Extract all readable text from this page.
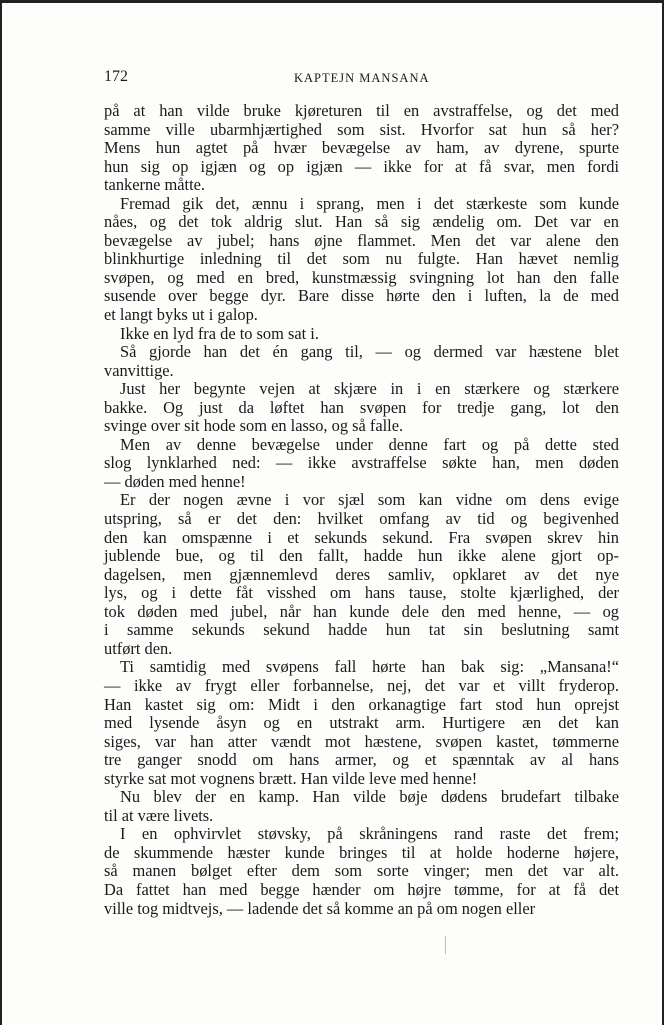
172	KAPTEJN MANSANA
på at han vilde bruke kjøreturen til en avstraffelse, og det med
samme ville ubarmhjærtighed som sist. Hvorfor sat hun så her?
Mens hun agtet på hvær bevægelse av ham, av dyrene, spurte
hun sig op igjæn og op igjæn — ikke for at få svar, men fordi
tankerne måtte.
Fremad gik det, ænnu i sprang, men i det stærkeste som kunde
nåes, og det tok aldrig slut. Han så sig ændelig om. Det var en
bevægelse av jubel; hans øjne flammet. Men det var alene den
blinkhurtige inledning til det som nu fulgte. Han hævet nemlig
svøpen, og med en bred, kunstmæssig svingning lot han den falle
susende over begge dyr. Bare disse hørte den i luften, la de med
et langt byks ut i galop.
Ikke en lyd fra de to som sat i.
Så gjorde han det én gang til, — og dermed var hæstene blet
vanvittige.
Just her begynte vejen at skjære in i en stærkere og stærkere
bakke. Og just da løftet han svøpen for tredje gang, lot den
svinge over sit hode som en lasso, og så falle.
Men av denne bevægelse under denne fart og på dette sted
slog lynklarhed ned: — ikke avstraffelse søkte han, men døden
— døden med henne!
Er der nogen ævne i vor sjæl som kan vidne om dens evige
utspring, så er det den: hvilket omfang av tid og begivenhed
den kan omspænne i et sekunds sekund. Fra svøpen skrev hin
jublende bue, og til den fallt, hadde hun ikke alene gjort op-
dagelsen, men gjænnemlevd deres samliv, opklaret av det nye
lys, og i dette fåt visshed om hans tause, stolte kjærlighed, der
tok døden med jubel, når han kunde dele den med henne, — og
i samme sekunds sekund hadde hun tat sin beslutning samt
utført den.
Ti samtidig med svøpens fall hørte han bak sig: „Mansana!“
— ikke av frygt eller forbannelse, nej, det var et villt fryderop.
Han kastet sig om: Midt i den orkanagtige fart stod hun oprejst
med lysende åsyn og en utstrakt arm. Hurtigere æn det kan
siges, var han atter vændt mot hæstene, svøpen kastet, tømmerne
tre ganger snodd om hans armer, og et spænntak av al hans
styrke sat mot vognens brætt. Han vilde leve med henne!
Nu blev der en kamp. Han vilde bøje dødens brudefart tilbake
til at være livets.
I en ophvirvlet støvsky, på skråningens rand raste det frem;
de skummende hæster kunde bringes til at holde hoderne højere,
så manen bølget efter dem som sorte vinger; men det var alt.
Da fattet han med begge hænder om højre tømme, for at få det
ville tog midtvejs, — ladende det så komme an på om nogen eller
